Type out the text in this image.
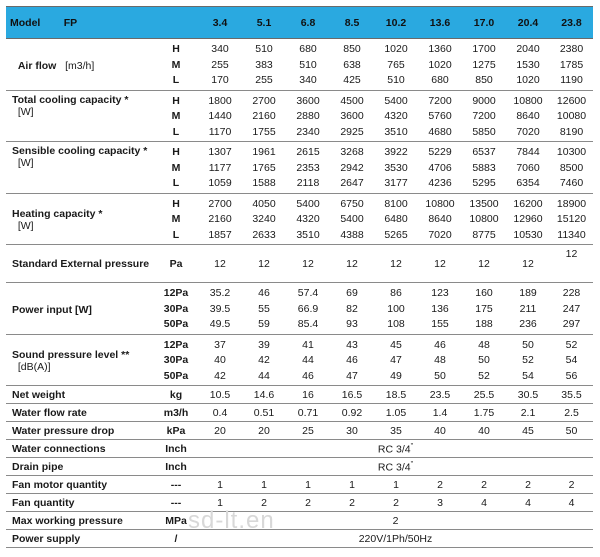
Model FP		3.4	5.1	6.8	8.5	10.2	13.6	17.0	20.4	23.8
Air flow [m3/h]	H	340	510	680	850	1020	1360	1700	2040	2380
	M	255	383	510	638	765	1020	1275	1530	1785
	L	170	255	340	425	510	680	850	1020	1190
Total cooling capacity *
[W]	H	1800	2700	3600	4500	5400	7200	9000	10800	12600
	M	1440	2160	2880	3600	4320	5760	7200	8640	10080
	L	1170	1755	2340	2925	3510	4680	5850	7020	8190
Sensible cooling capacity *
[W]	H	1307	1961	2615	3268	3922	5229	6537	7844	10300
	M	1177	1765	2353	2942	3530	4706	5883	7060	8500
	L	1059	1588	2118	2647	3177	4236	5295	6354	7460
Heating capacity *
[W]	H	2700	4050	5400	6750	8100	10800	13500	16200	18900
	M	2160	3240	4320	5400	6480	8640	10800	12960	15120
	L	1857	2633	3510	4388	5265	7020	8775	10530	11340
Standard External pressure	Pa	12	12	12	12	12	12	12	12	12
Power input [W]	12Pa	35.2	46	57.4	69	86	123	160	189	228
	30Pa	39.5	55	66.9	82	100	136	175	211	247
	50Pa	49.5	59	85.4	93	108	155	188	236	297
Sound pressure level **
[dB(A)]	12Pa	37	39	41	43	45	46	48	50	52
	30Pa	40	42	44	46	47	48	50	52	54
	50Pa	42	44	46	47	49	50	52	54	56
Net weight	kg	10.5	14.6	16	16.5	18.5	23.5	25.5	30.5	35.5
Water flow rate	m3/h	0.4	0.51	0.71	0.92	1.05	1.4	1.75	2.1	2.5
Water pressure drop	kPa	20	20	25	30	35	40	40	45	50
Water connections	Inch	RC 3/4"
Drain pipe	Inch	RC 3/4"
Fan motor quantity	---	1	1	1	1	1	2	2	2	2
Fan quantity	---	1	2	2	2	2	3	4	4	4
Max working pressure	MPa	2								
Power supply	/	220V/1Ph/50Hz								
sd-lt.en
